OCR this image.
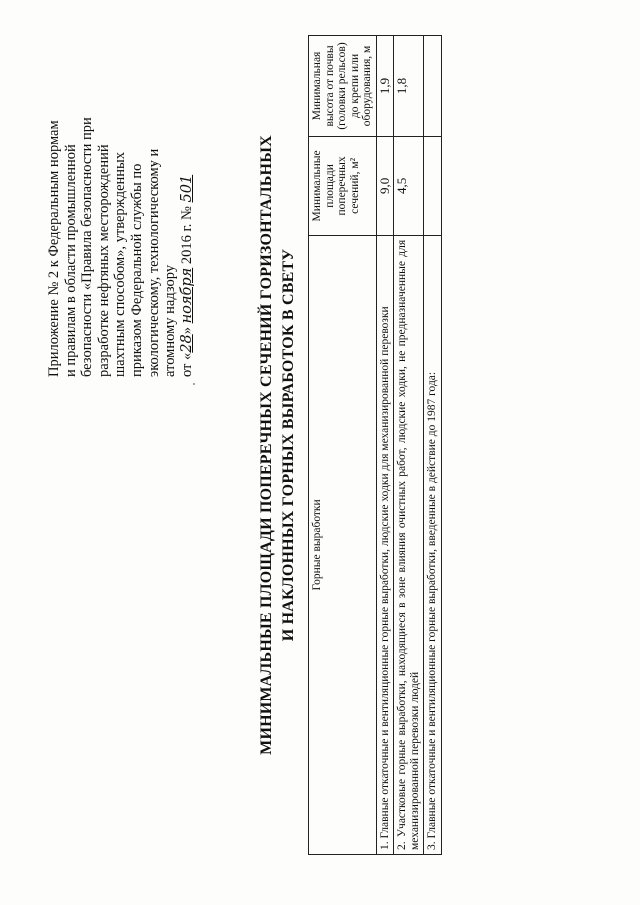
Приложение № 2 к Федеральным нормам и правилам в области промышленной безопасности «Правила безопасности при разработке нефтяных месторождений шахтным способом», утвержденных приказом Федеральной службы по экологическому, технологическому и атомному надзору от «28» ноября 2016 г. № 501	МИНИМАЛЬНЫЕ ПЛОЩАДИ ПОПЕРЕЧНЫХ СЕЧЕНИЙ ГОРИЗОНТАЛЬНЫХ И НАКЛОННЫХ ГОРНЫХ ВЫРАБОТОК В СВЕТУ Горные выработки	Минимальные площади поперечных сечений, м²	Минимальная высота от почвы (головки рельсов) до крепи или оборудования, м
1. Главные откаточные и вентиляционные горные выработки, людские ходки для механизированной перевозки	9,0	1,9
2. Участковые горные выработки, находящиеся в зоне влияния очистных работ, людские ходки, не предназначенные для механизированной перевозки людей	4,5	1,8
3. Главные откаточные и вентиляционные горные выработки, введенные в действие до 1987 года:		
